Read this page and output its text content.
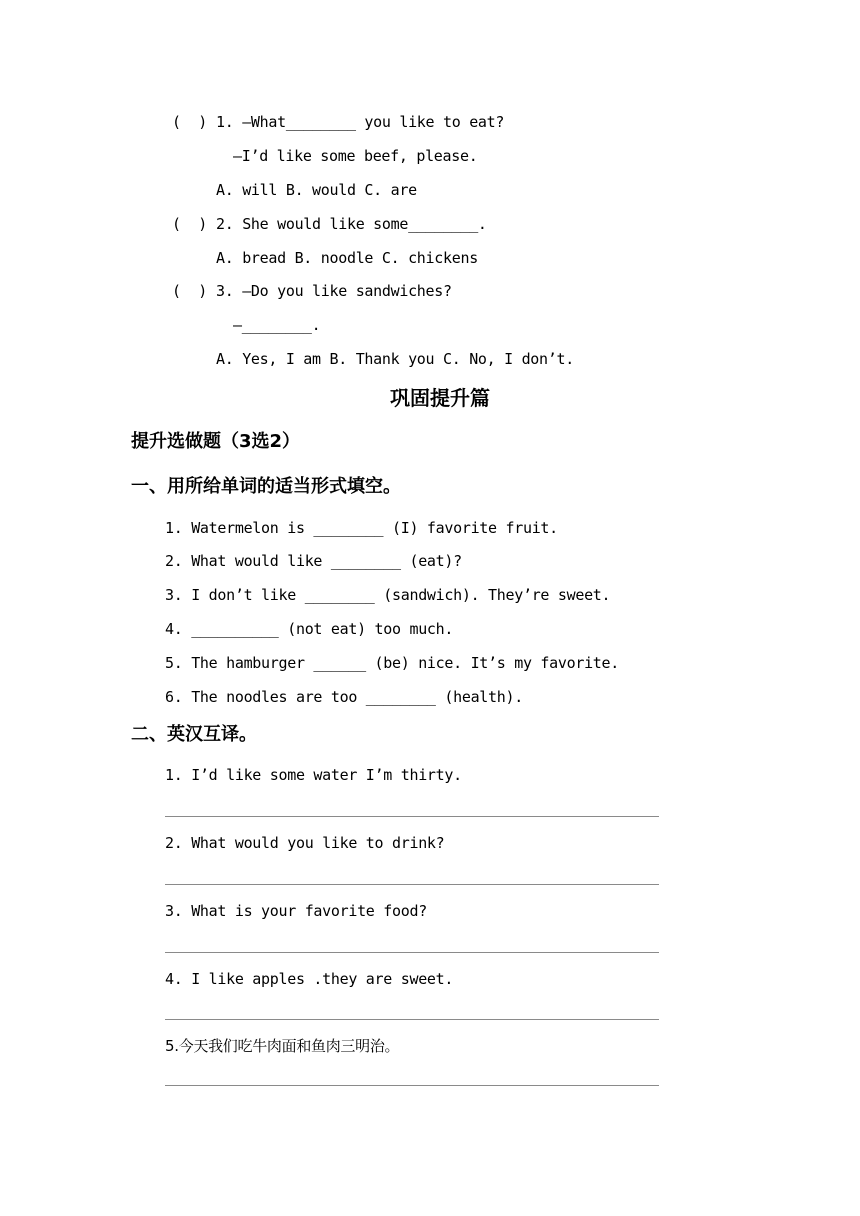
(  ) 1. —What________ you like to eat?
—I’d like some beef, please.
A. will B. would C. are
(  ) 2. She would like some________.
A. bread B. noodle C. chickens
(  ) 3. —Do you like sandwiches?
—________.
A. Yes, I am B. Thank you C. No, I don’t.
巩固提升篇
提升选做题（3选2）
一、用所给单词的适当形式填空。
1. Watermelon is ________ (I) favorite fruit.
2. What would like ________ (eat)?
3. I don’t like ________ (sandwich). They’re sweet.
4. __________ (not eat) too much.
5. The hamburger ______ (be) nice. It’s my favorite.
6. The noodles are too ________ (health).
二、英汉互译。
1. I’d like some water I’m thirty.
2. What would you like to drink?
3. What is your favorite food?
4. I like apples .they are sweet.
5.今天我们吃牛肉面和鱼肉三明治。
